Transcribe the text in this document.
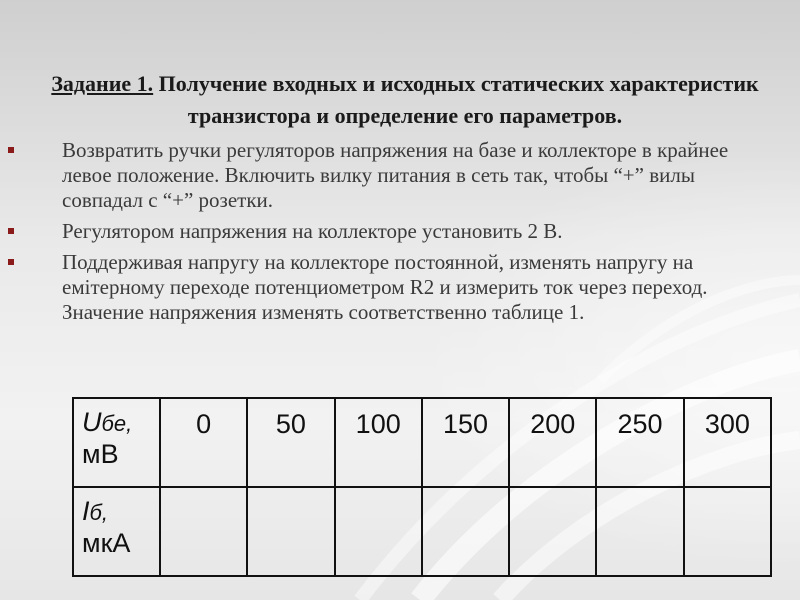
Задание 1. Получение входных и исходных статических характеристик транзистора и определение его параметров.
Возвратить ручки регуляторов напряжения на базе и коллекторе в крайнее левое положение. Включить вилку питания в сеть так, чтобы “+” вилы совпадал с “+” розетки.
Регулятором напряжения на коллекторе установить 2 В.
Поддерживая напругу на коллекторе постоянной, изменять напругу на емітерному переходе потенциометром R2 и измерить ток через переход. Значение напряжения изменять соответственно таблице 1.
Uбе,
мВ	0	50	100	150	200	250	300
Iб,
мкА							
